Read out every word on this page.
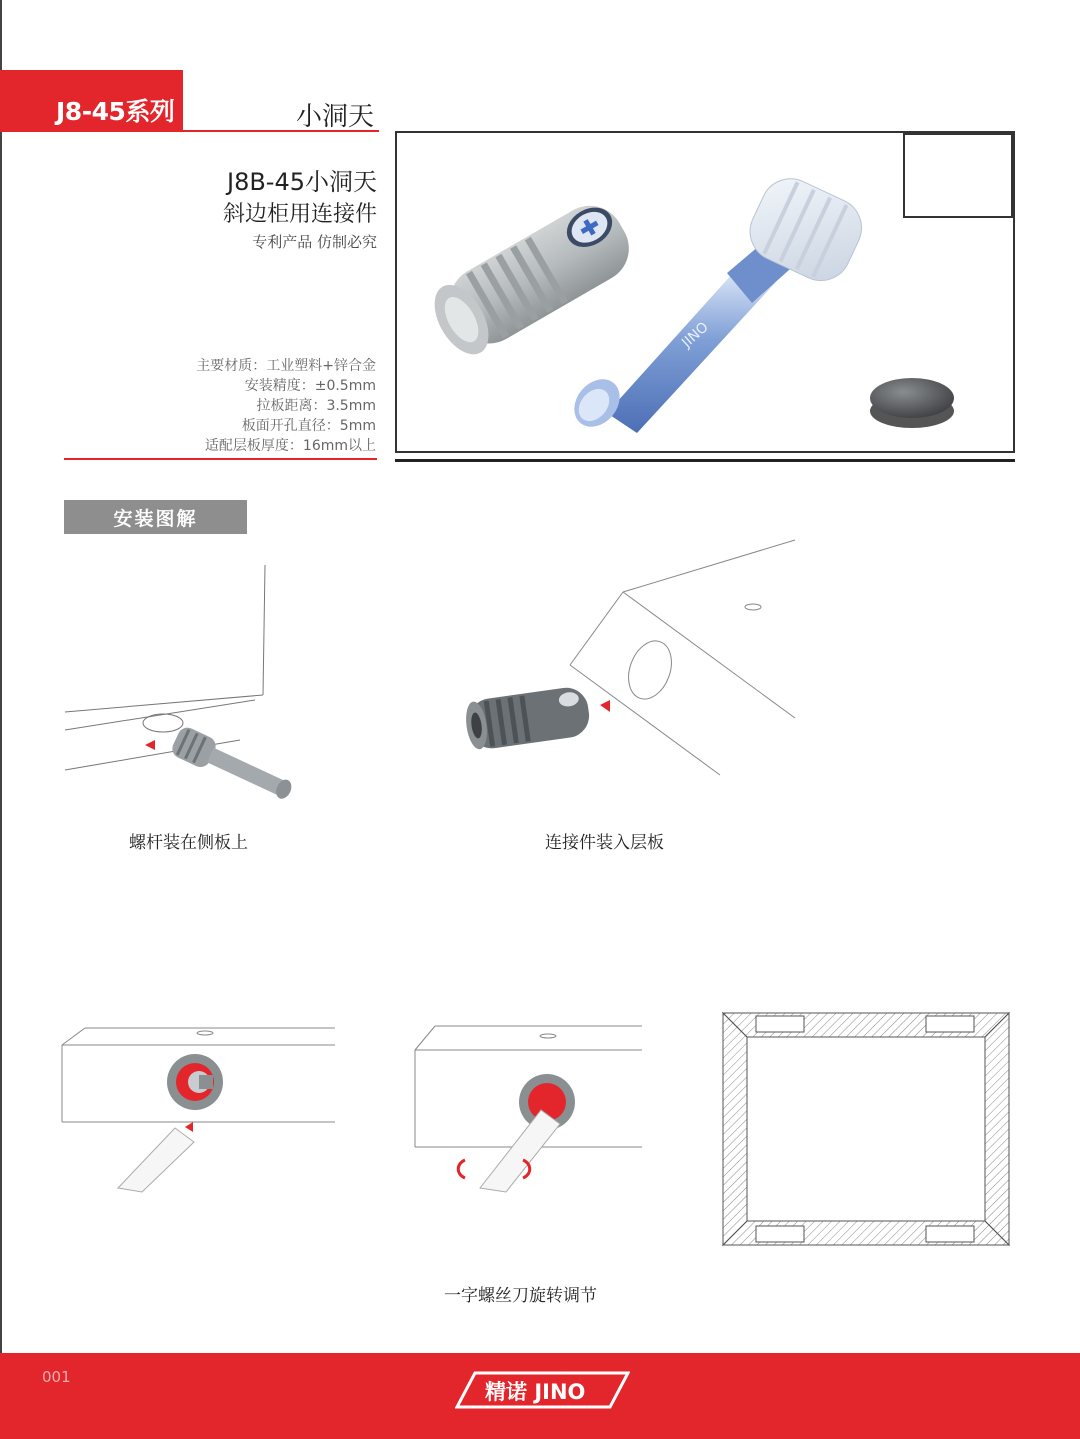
J8-45系列	小洞天
J8B-45小洞天
斜边柜用连接件
专利产品 仿制必究
主要材质：工业塑料+锌合金
安装精度：±0.5mm
拉板距离：3.5mm
板面开孔直径：5mm
适配层板厚度：16mm以上
JINO
安装图解
螺杆装在侧板上	连接件装入层板
一字螺丝刀旋转调节
001
精诺 JINO
